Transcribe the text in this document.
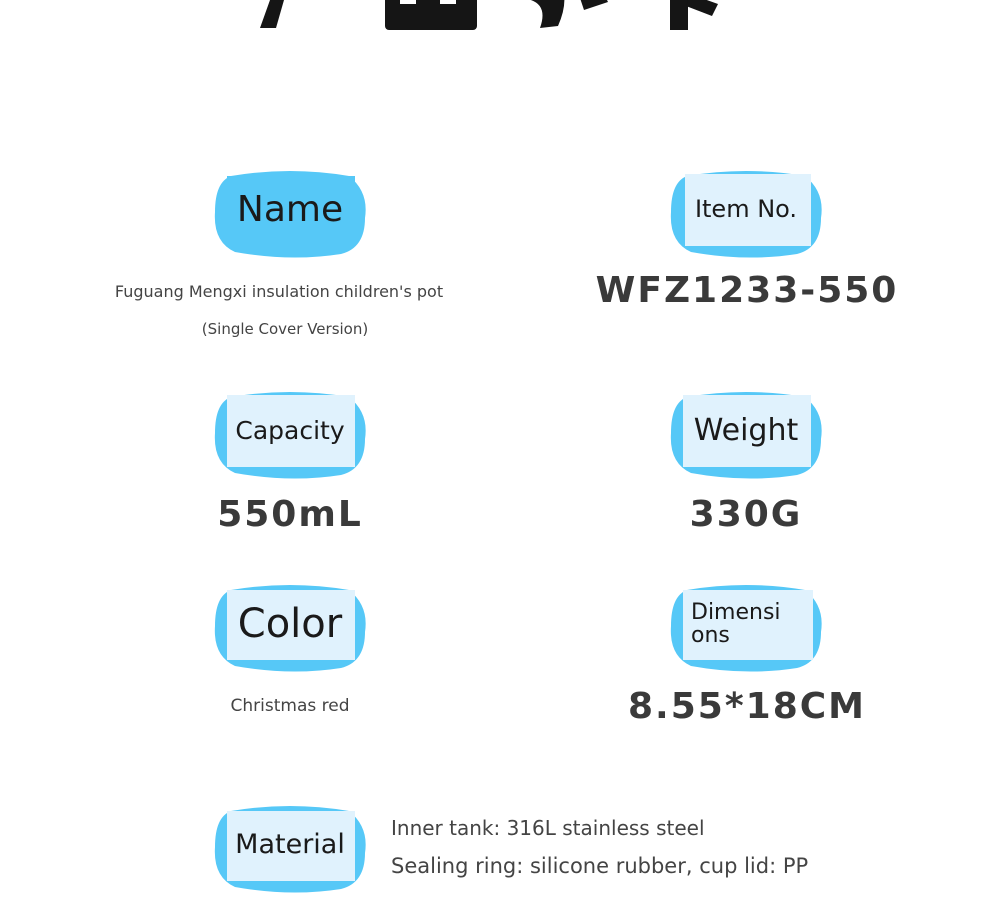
Name
Fuguang Mengxi insulation children's pot
(Single Cover Version)
Item No.
WFZ1233-550
Capacity
550mL
Weight
330G
Color
Christmas red
Dimensions
8.55*18CM
Material
Inner tank: 316L stainless steel
Sealing ring: silicone rubber, cup lid: PP
